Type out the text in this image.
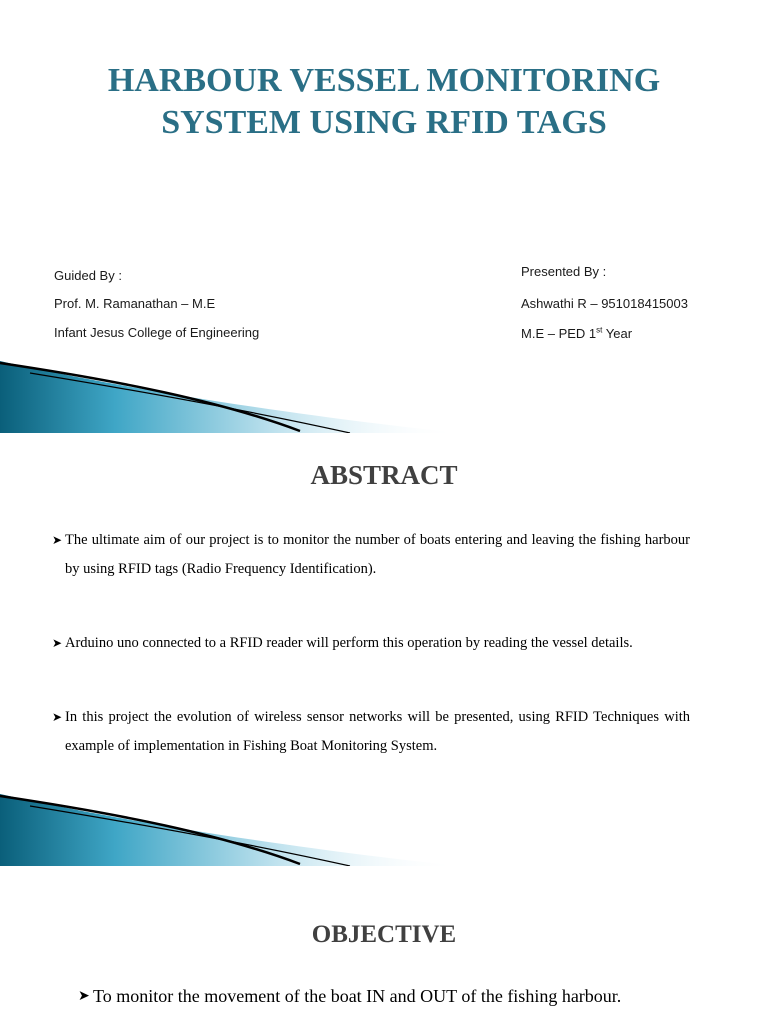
HARBOUR VESSEL MONITORING
SYSTEM USING RFID TAGS

Guided By :

Prof. M. Ramanathan – M.E

Infant Jesus College of Engineering

Presented By :

Ashwathi R – 951018415003

M.E – PED 1st Year

ABSTRACT
➤ The ultimate aim of our project is to monitor the number of boats entering and leaving the fishing harbour by using RFID tags (Radio Frequency Identification).
➤ Arduino uno connected to a RFID reader will perform this operation by reading the vessel details.
➤ In this project the evolution of wireless sensor networks will be presented, using RFID Techniques with example of implementation in Fishing Boat Monitoring System.
OBJECTIVE
➤ To monitor the movement of the boat IN and OUT of the fishing harbour.
